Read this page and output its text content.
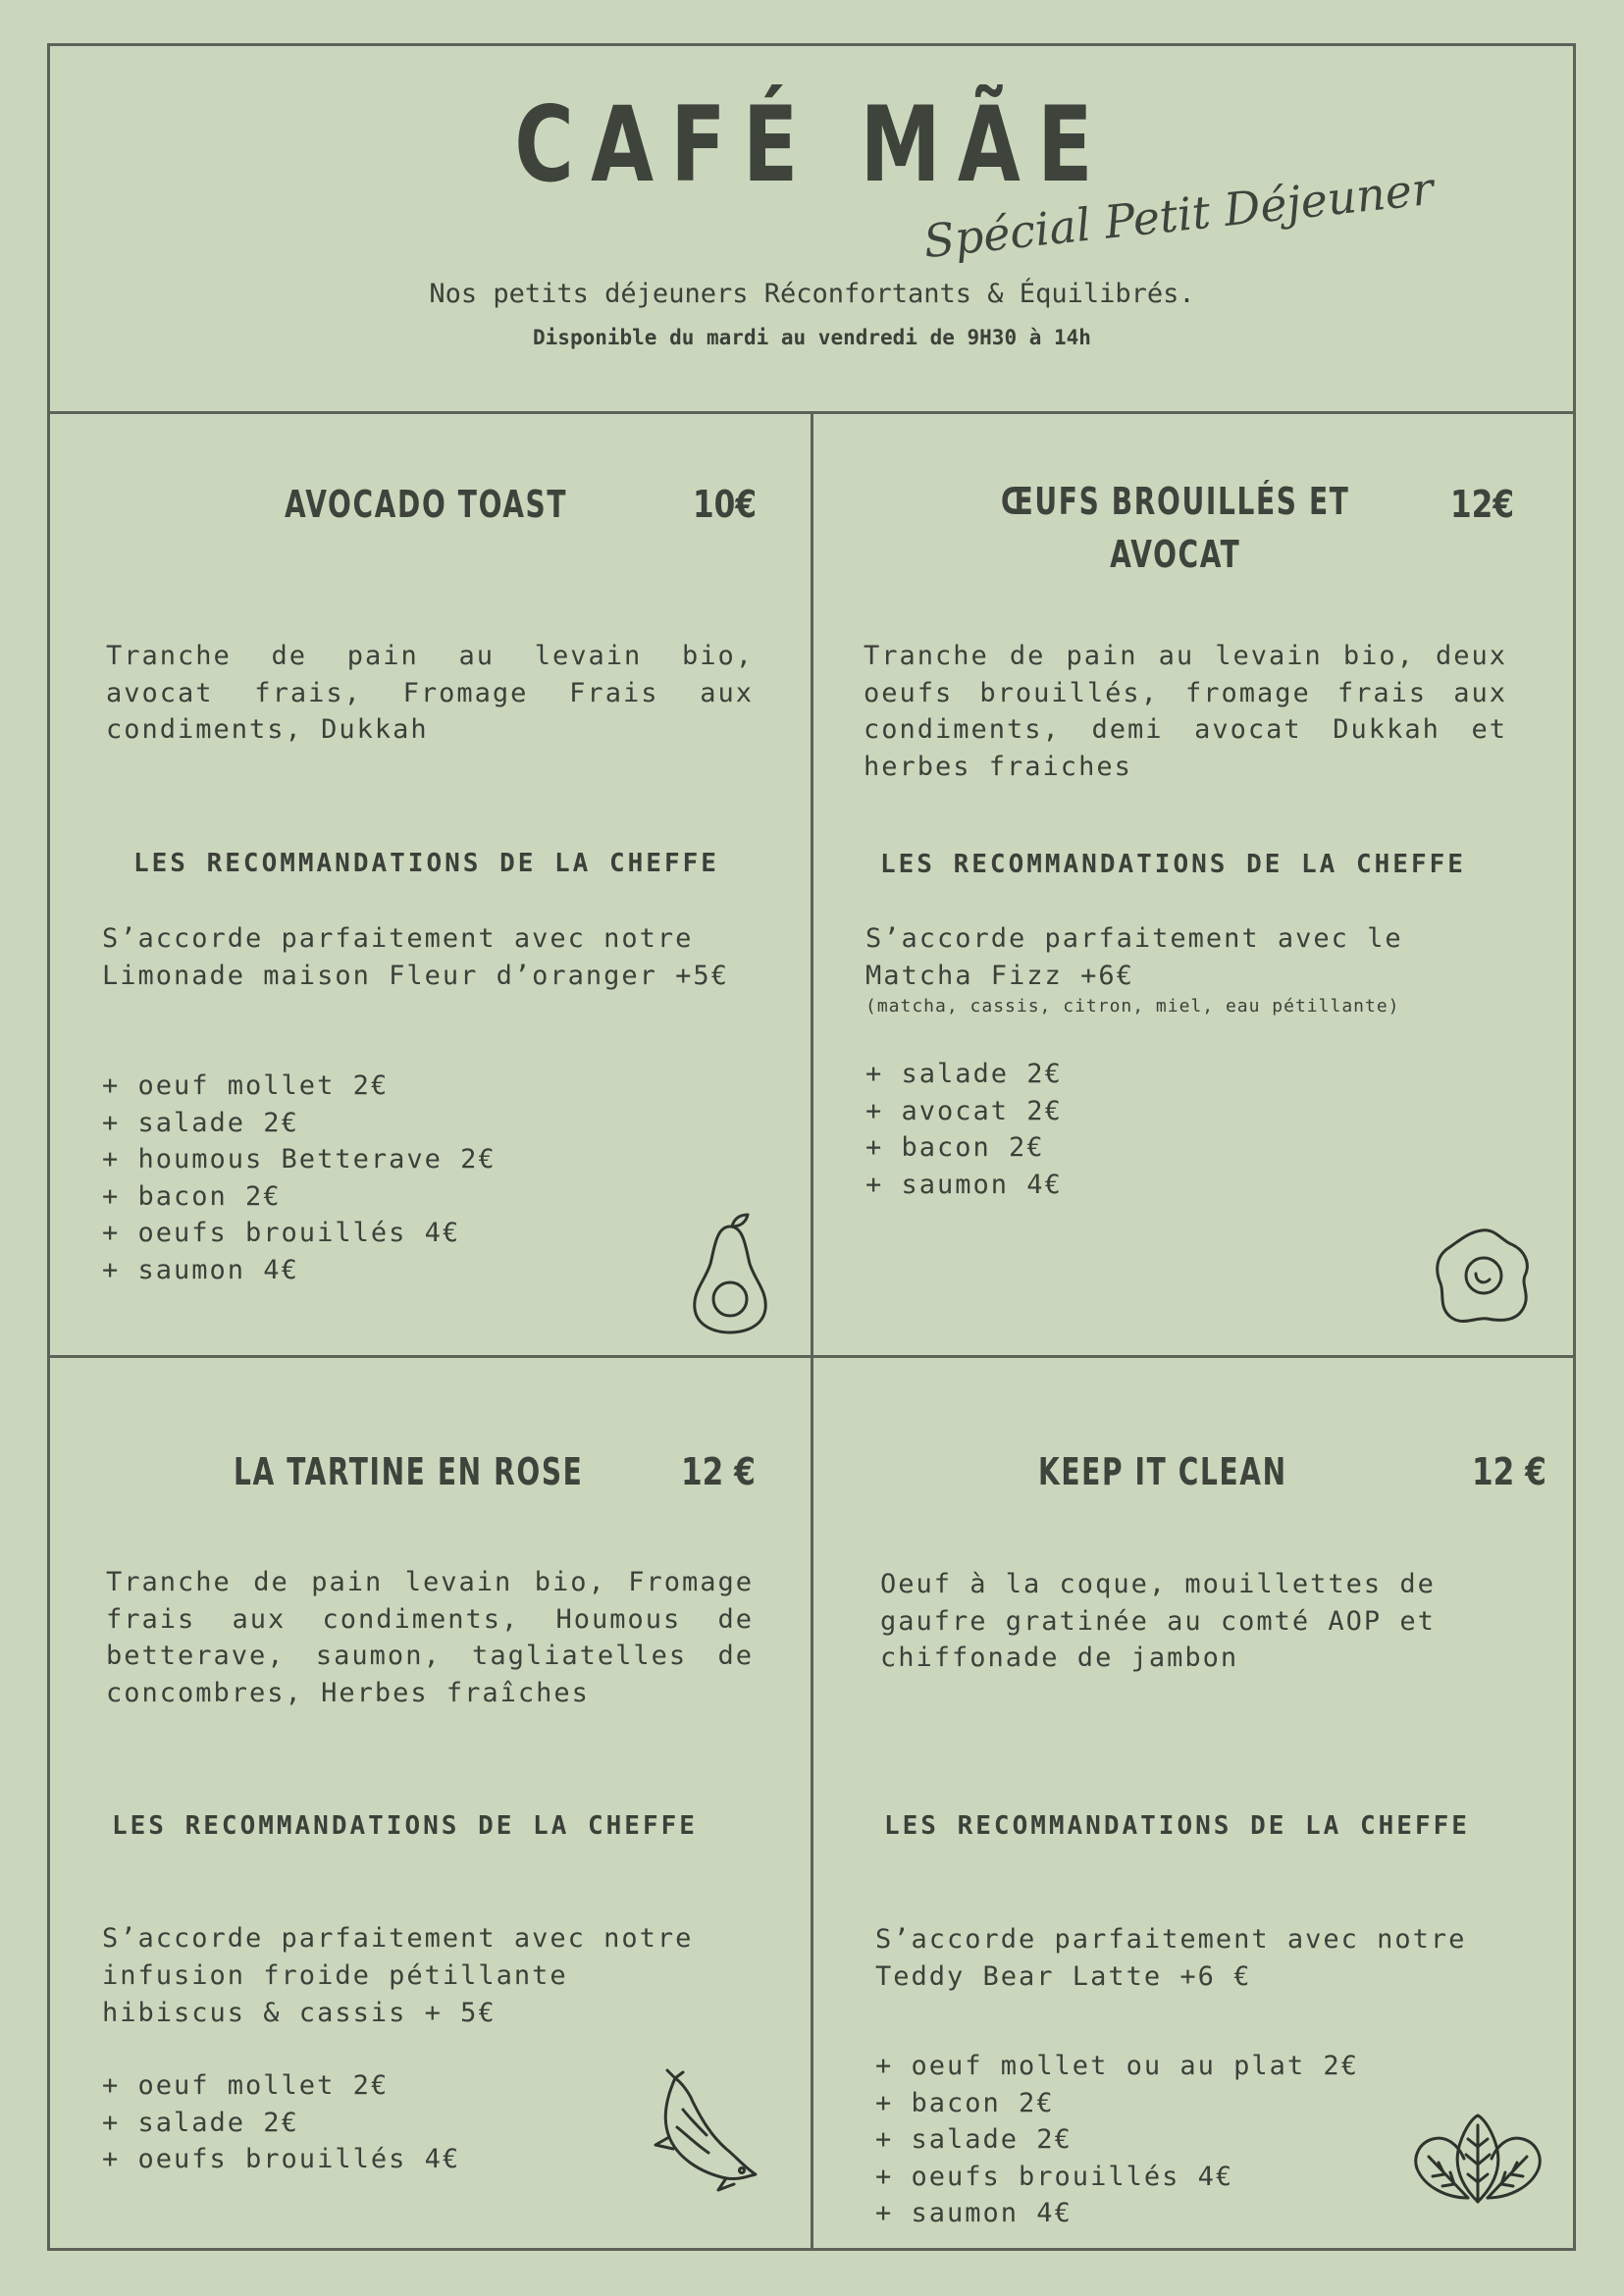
CAFÉ MÃE
Spécial Petit Déjeuner
Nos petits déjeuners Réconfortants & Équilibrés.
Disponible du mardi au vendredi de 9H30 à 14h
AVOCADO TOAST	10€
Tranche de pain au levain bio, avocat frais, Fromage Frais aux condiments, Dukkah
LES RECOMMANDATIONS DE LA CHEFFE
S’accorde parfaitement avec notre
Limonade maison Fleur d’oranger +5€
+ oeuf mollet 2€
+ salade 2€
+ houmous Betterave 2€
+ bacon 2€
+ oeufs brouillés 4€
+ saumon 4€
ŒUFS BROUILLÉS ET
AVOCAT
12€
Tranche de pain au levain bio, deux oeufs brouillés, fromage frais aux condiments, demi avocat Dukkah et herbes fraiches
LES RECOMMANDATIONS DE LA CHEFFE
S’accorde parfaitement avec le
Matcha Fizz +6€
(matcha, cassis, citron, miel, eau pétillante)
+ salade 2€
+ avocat 2€
+ bacon 2€
+ saumon 4€
LA TARTINE EN ROSE	12 €
Tranche de pain levain bio, Fromage frais aux condiments, Houmous de betterave, saumon, tagliatelles de concombres, Herbes fraîches
LES RECOMMANDATIONS DE LA CHEFFE
S’accorde parfaitement avec notre
infusion froide pétillante
hibiscus & cassis + 5€
+ oeuf mollet 2€
+ salade 2€
+ oeufs brouillés 4€
KEEP IT CLEAN	12 €
Oeuf à la coque, mouillettes de gaufre gratinée au comté AOP et chiffonade de jambon
LES RECOMMANDATIONS DE LA CHEFFE
S’accorde parfaitement avec notre
Teddy Bear Latte +6 €
+ oeuf mollet ou au plat 2€
+ bacon 2€
+ salade 2€
+ oeufs brouillés 4€
+ saumon 4€
